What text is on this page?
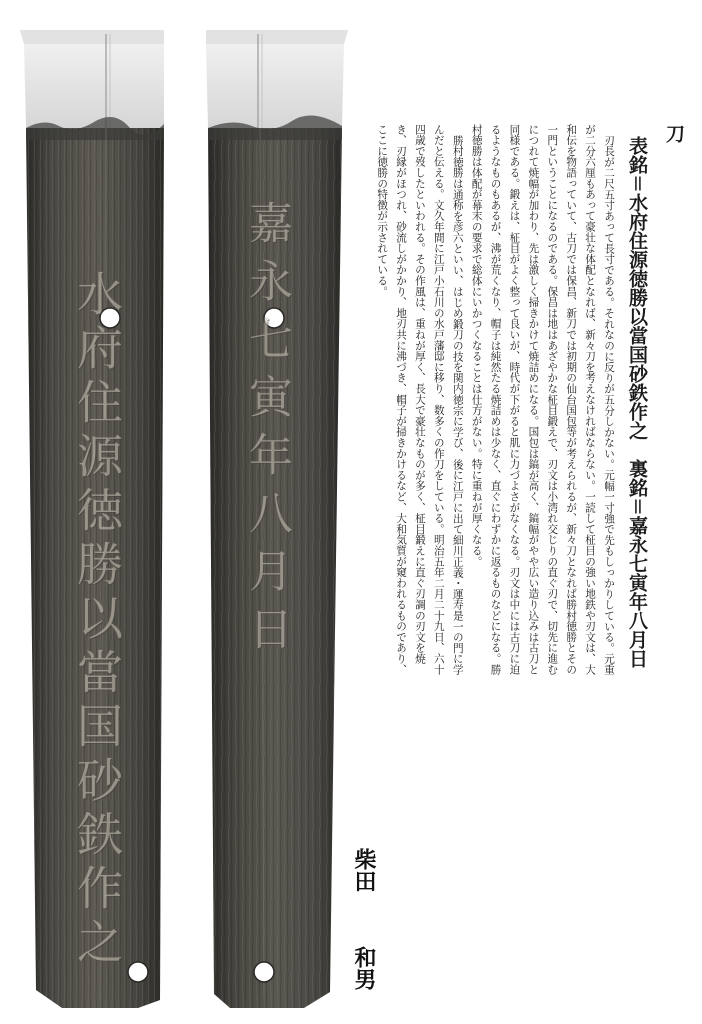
水府住源徳勝以當国砂鉄作之	嘉永七寅年八月日
柴田和男
刀
表銘＝水府住源徳勝以當国砂鉄作之　裏銘＝嘉永七寅年八月日

刃長が二尺五寸あって長寸である。それなのに反りが五分しかない。元幅一寸強で先もしっかりしている。元重が二分六厘もあって豪壮な体配となれば、新々刀を考えなければならない。一読して柾目の強い地鉄や刃文は、大和伝を物語っていて、古刀では保昌、新刀では初期の仙台国包等が考えられるが、新々刀となれば勝村徳勝とその一門ということになるのである。保昌は地はあざやかな柾目鍛えで、刃文は小湾れ交じりの直ぐ刃で、切先に進むにつれて焼幅が加わり、先は激しく掃きかけて焼詰めになる。国包は鎬が高く、鎬幅がやや広い造り込みは古刀と同様である。鍛えは、柾目がよく整って良いが、時代が下がると肌に力づよさがなくなる。刃文は中には古刀に迫るようなものもあるが、沸が荒くなり、帽子は純然たる焼詰めは少なく、直ぐにわずかに返るものなどになる。勝村徳勝は体配が幕末の要求で総体にいかつくなることは仕方がない。特に重ねが厚くなる。

勝村徳勝は通称を彦六といい、はじめ鍛刀の技を関内徳宗に学び、後に江戸に出て細川正義・運寿是一の門に学んだと伝える。文久年間に江戸小石川の水戸藩邸に移り、数多くの作刀をしている。明治五年二月二十九日、六十四歳で歿したといわれる。その作風は、重ねが厚く、長大で豪壮なものが多く、柾目鍛えに直ぐ刃調の刃文を焼き、刃縁がほつれ、砂流しがかかり、地刃共に沸づき、帽子が掃きかけるなど、大和気質が窺われるものであり、ここに徳勝の特徴が示されている。
